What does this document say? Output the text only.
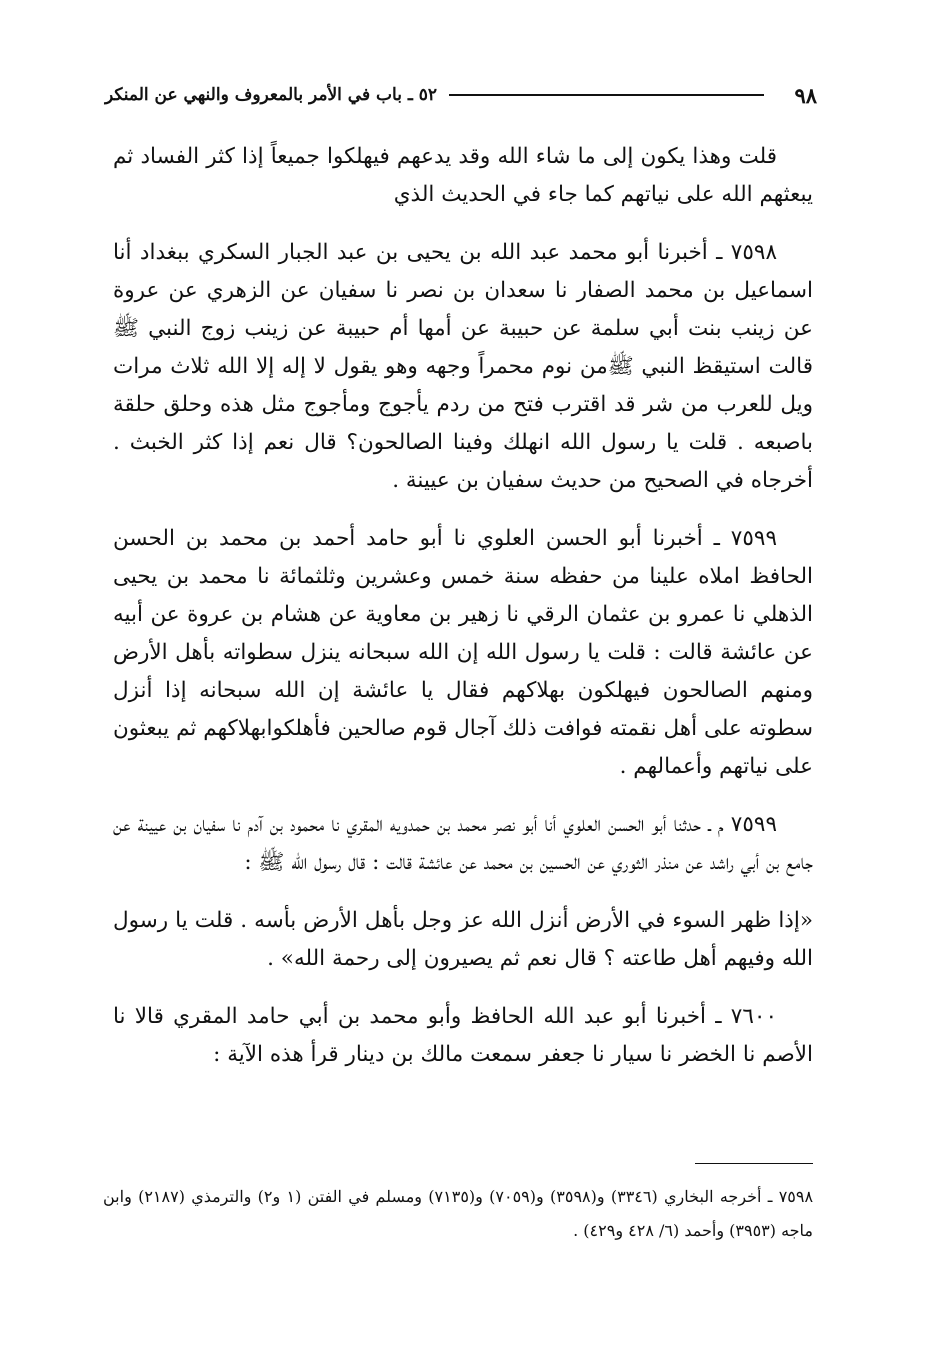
٩٨
٥٢ ـ باب في الأمر بالمعروف والنهي عن المنكر

قلت وهذا يكون إلى ما شاء الله وقد يدعهم فيهلكوا جميعاً إذا كثر الفساد ثم يبعثهم الله على نياتهم كما جاء في الحديث الذي

٧٥٩٨ ـ أخبرنا أبو محمد عبد الله بن يحيى بن عبد الجبار السكري ببغداد أنا اسماعيل بن محمد الصفار نا سعدان بن نصر نا سفيان عن الزهري عن عروة عن زينب بنت أبي سلمة عن حبيبة عن أمها أم حبيبة عن زينب زوج النبي ﷺ قالت استيقظ النبي ﷺمن نوم محمراً وجهه وهو يقول لا إله إلا الله ثلاث مرات ويل للعرب من شر قد اقترب فتح من ردم يأجوج ومأجوج مثل هذه وحلق حلقة باصبعه . قلت يا رسول الله انهلك وفينا الصالحون؟ قال نعم إذا كثر الخبث . أخرجاه في الصحيح من حديث سفيان بن عيينة .

٧٥٩٩ ـ أخبرنا أبو الحسن العلوي نا أبو حامد أحمد بن محمد بن الحسن الحافظ املاه علينا من حفظه سنة خمس وعشرين وثلثمائة نا محمد بن يحيى الذهلي نا عمرو بن عثمان الرقي نا زهير بن معاوية عن هشام بن عروة عن أبيه عن عائشة قالت : قلت يا رسول الله إن الله سبحانه ينزل سطواته بأهل الأرض ومنهم الصالحون فيهلكون بهلاكهم فقال يا عائشة إن الله سبحانه إذا أنزل سطوته على أهل نقمته فوافت ذلك آجال قوم صالحين فأهلكوابهلاكهم ثم يبعثون على نياتهم وأعمالهم .

٧٥٩٩ م ـ حدثنا أبو الحسن العلوي أنا أبو نصر محمد بن حمدويه المقري نا محمود بن آدم نا سفيان بن عيينة عن جامع بن أبي راشد عن منذر الثوري عن الحسين بن محمد عن عائشة قالت : قال رسول الله ﷺ :

«إذا ظهر السوء في الأرض أنزل الله عز وجل بأهل الأرض بأسه . قلت يا رسول الله وفيهم أهل طاعته ؟ قال نعم ثم يصيرون إلى رحمة الله» .

٧٦٠٠ ـ أخبرنا أبو عبد الله الحافظ وأبو محمد بن أبي حامد المقري قالا نا الأصم نا الخضر نا سيار نا جعفر سمعت مالك بن دينار قرأ هذه الآية :

٧٥٩٨ ـ أخرجه البخاري (٣٣٤٦) و(٣٥٩٨) و(٧٠٥٩) و(٧١٣٥) ومسلم في الفتن (١ و٢) والترمذي (٢١٨٧) وابن ماجه (٣٩٥٣) وأحمد (٦/ ٤٢٨ و٤٢٩) .
